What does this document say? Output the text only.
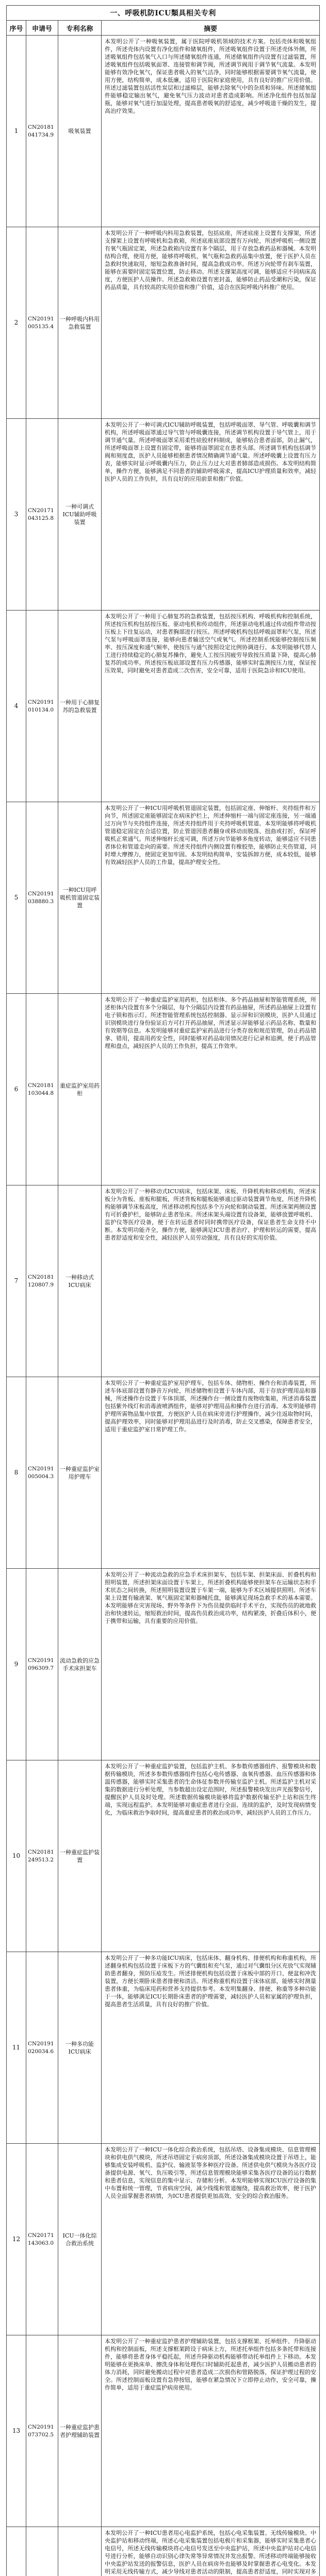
一、呼吸机防ICU類具相关专利
序号	申请号	专利名称	摘要
1	CN20181041734.9	吸氧装置	本发明公开了一种吸氧装置，属于医院呼吸机领域的技术方案。包括壳体和吸氧组件，所述壳体内设置有净化组件和储氧组件，所述吸氧组件设置于所述壳体外侧，所述吸氧组件包括氧气入口与所述储氧组件连通，所述储氧组件内设置有过滤装置，所述吸氧组件包括吸氧面罩、连接管和调节阀，所述调节阀用于调节氧气流量。本发明能够有效净化氧气，保证患者吸入的氧气洁净，同时能够根据需要调节氧气流量，使用方便，结构简单，成本低廉，适用于医院和家庭使用，具有良好的推广应用价值。所述过滤装置包括活性炭层和过滤棉层，能够去除氧气中的杂质和异味。所述储氧组件能够稳定输出氧气，避免氧气压力波动对患者造成影响。所述净化组件包括加湿瓶，能够对氧气进行加湿处理，提高患者吸氧的舒适度，减少呼吸道干燥的发生，提高治疗效果。
2	CN20191005135.4	一种呼吸内科用急救装置	本发明公开了一种呼吸内科用急救装置，包括底座，所述底座上设置有支撑架，所述支撑架上设置有呼吸机和急救箱，所述底座底部设置有万向轮，所述呼吸机一侧设置有氧气瓶固定架，所述急救箱内设置有多个隔层，用于存放急救药品和器械。本发明结构合理，使用方便，能够将呼吸机、氧气瓶和急救药品集中放置，便于医护人员在急救时快速取用，缩短急救准备时间，提高急救成功率。所述万向轮带有刹车装置，能够在需要时固定装置位置，防止移动。所述支撑架高度可调，能够适应不同病床高度，方便医护人员操作。所述急救箱设置有密封盖，能够防止药品受潮和污染，保证药品质量，具有较高的实用价值和推广价值，适合在医院呼吸内科推广使用。
3	CN20171043125.8	一种可调式ICU辅助呼吸装置	本发明公开了一种可调式ICU辅助呼吸装置，包括呼吸面罩、导气管、呼吸囊和调节机构，所述呼吸面罩通过导气管与呼吸囊连接，所述调节机构设置于导气管上，用于调节通气量。所述呼吸面罩采用柔性硅胶材料制成，能够贴合患者面部，防止漏气，所述呼吸面罩上设置有固定带，能够将面罩固定在患者头部。所述调节机构包括调节阀和刻度盘，医护人员能够根据患者情况精确调节通气量。所述呼吸囊上设置有压力表，能够实时显示呼吸囊内压力，防止压力过大对患者肺部造成损伤。本发明结构简单，操作方便，能够满足不同患者的辅助呼吸需求，提高ICU护理质量和效率，减轻医护人员的工作负担，具有良好的应用前景和推广价值。
4	CN20191010134.0	一种用于心肺复苏的急救装置	本发明公开了一种用于心肺复苏的急救装置，包括按压机构、呼吸机构和控制系统，所述按压机构包括按压板、驱动电机和传动组件，所述驱动电机通过传动组件带动按压板上下往复运动，对患者胸部进行按压。所述呼吸机构包括呼吸面罩和气泵，所述气泵与呼吸面罩连接，能够向患者输送空气或氧气。所述控制系统能够控制按压频率、按压深度和通气频率，使按压与通气按照设定比例协调进行。本发明能够代替人工进行持续稳定的心肺复苏操作，避免人工按压因疲劳导致按压质量下降，提高心肺复苏的成功率。所述按压板底部设置有压力传感器，能够实时监测按压力度，保证按压效果，同时避免对患者造成二次伤害，安全可靠，适用于医院急诊和ICU使用。
5	CN20191038880.3	一种ICU用呼吸机管道固定装置	本发明公开了一种ICU用呼吸机管道固定装置，包括固定座、伸缩杆、夹持组件和万向节，所述固定座能够固定在病床护栏上，所述伸缩杆一端与固定座连接，另一端通过万向节与夹持组件连接，所述夹持组件用于夹持呼吸机管道。本发明能够将呼吸机管道稳定固定在合适位置，防止管道因患者翻身或移动而脱落、扭曲或打折，保证呼吸机正常通气。所述伸缩杆长度可调，所述万向节能够多角度转动，能够适应不同患者体位和管道走向的需要。所述夹持组件内侧设置有橡胶垫，能够防止夹伤管道，同时增大摩擦力，使固定更加牢固。本发明结构简单，安装拆卸方便，成本较低，能够有效减轻医护人员的工作量，提高护理安全性。
6	CN20181103044.8	重症监护室用药柜	本发明公开了一种重症监护室用药柜，包括柜体、多个药品抽屉和智能管理系统，所述柜体内设置有多个分隔层，每个分隔层内设置有药品抽屉，所述药品抽屉上设置有电子锁和指示灯。所述智能管理系统包括控制器、显示屏和识别模块，医护人员通过识别模块进行身份验证后方可打开药品抽屉，所述显示屏能够显示药品名称、数量和有效期等信息。本发明能够对重症监护室药品进行分类存放和规范管理，防止药品错拿、错用，提高用药安全性，同时能够对药品取用情况进行记录和追溯，便于药品管理和盘点，减轻医护人员的工作负担，提高工作效率。
7	CN20181120807.9	一种移动式ICU病床	本发明公开了一种移动式ICU病床，包括床架、床板、升降机构和移动机构，所述床板分为背板、座板和腿板，所述背板和腿板能够通过驱动装置调节角度，所述升降机构能够调节床板高度，所述移动机构包括多个万向轮和制动装置。所述床架两侧设置有可折叠护栏，能够防止患者坠床。所述床架头端设置有设备架，能够放置呼吸机、监护仪等医疗设备，便于在转运患者时同时携带医疗设备，保证患者生命支持不中断。本发明功能齐全，操作方便，能够满足ICU患者治疗、护理和转运的需要，提高患者舒适度和安全性，减轻医护人员劳动强度，具有良好的实用价值。
8	CN20191005004.3	一种重症监护室用护理车	本发明公开了一种重症监护室用护理车，包括车体、储物柜、操作台和消毒装置，所述车体底部设置有静音万向轮，所述储物柜设置于车体内部，用于存放护理用品和器械，所述操作台设置于车体顶部，所述操作台一侧设置有废物收集箱，所述消毒装置包括紫外线灯和消毒液喷洒组件，能够对护理用品和操作台进行消毒。本发明能够将护理所需物品集中放置，方便医护人员在病床旁进行护理操作，减少往返取物时间，提高护理效率，同时能够对护理用品进行及时消毒，防止交叉感染，保障患者安全，适用于重症监护室日常护理工作。
9	CN20191096309.7	流动急救的应急手术床担架车	本发明公开了一种流动急救的应急手术床担架车，包括车架、担架床面、折叠机构和照明装置，所述担架床面设置于车架上，所述折叠机构能够使担架车在运输状态和手术状态之间转换，所述照明装置设置于车架一端，能够为手术区域提供照明。所述车架上设置有输液架、氧气瓶固定架和器械托盘，能够满足现场急救手术的基本需要。本发明能够在灾害现场、野外等条件下为伤员提供临时手术平台，实现伤员的就地救治和快速转运，缩短救治时间，提高伤员救治成功率，结构紧凑，折叠后体积小，便于携带和运输，具有重要的应用价值。
10	CN20181249513.2	一种重症监护装置	本发明公开了一种重症监护装置，包括监护主机、多参数传感器组件、报警模块和数据传输模块，所述多参数传感器组件包括心电传感器、血氧传感器、血压传感器和体温传感器，能够实时采集患者的生命体征参数并传输至监护主机。所述监护主机对采集的数据进行分析处理，当参数超出设定范围时，所述报警模块发出声光报警信号，提醒医护人员及时处理。所述数据传输模块能够将监护数据传输至护士站和医生终端，实现远程监护。本发明能够对重症患者进行全面、连续的监护，及时发现病情变化，为临床救治争取时间，提高重症患者的救治成功率，减轻医护人员的工作压力。
11	CN20191020034.6	一种多功能ICU病床	本发明公开了一种多功能ICU病床，包括床体、翻身机构、排便机构和称重机构，所述翻身机构包括设置于床板下方的气囊组和充气泵，通过对气囊组分区充放气实现辅助患者翻身，预防压疮发生。所述排便机构包括设置于床板中部的开口、便盆和冲洗装置，方便长期卧床患者排便和清洁。所述称重机构设置于床体底部，能够实时测量患者体重，为临床用药和营养支持提供参考。本发明集翻身、排便、称重等多种功能于一体，能够满足ICU长期卧床患者的护理需要，减轻医护人员和家属的护理负担，提高患者生活质量，具有良好的推广价值。
12	CN20171143063.0	ICU一体化综合救治系统	本发明公开了一种ICU一体化综合救治系统，包括吊塔、设备集成模块、信息管理模块和供电供气模块，所述吊塔固定于病房顶部，所述设备集成模块设置于吊塔上，能够集成安装呼吸机、监护仪、输液泵等多种医疗设备。所述供电供气模块为各医疗设备提供电源、氧气、负压吸引等，所述信息管理模块能够采集各医疗设备的运行数据和患者信息，实现信息的集中显示、存储和分析。本发明能够实现ICU医疗设备的集中布置和统一管理，节省病房空间，减少线缆和管道缠绕，提高救治效率，便于医护人员全面掌握患者病情，为ICU患者提供更加高效、安全的综合救治服务。
13	CN20191073702.5	一种重症监护患者护理辅助装置	本发明公开了一种重症监护患者护理辅助装置，包括支撑框架、托举组件、升降驱动机构和控制面板，所述支撑框架跨设于病床上方，所述托举组件包括多条托带和连接件，能够将患者身体平稳托起，所述升降驱动机构能够带动托举组件上下移动。本发明能够在更换床单、擦洗身体和处理伤口时辅助托起患者，减少医护人员搬动患者的体力消耗，同时避免搬动过程中对患者造成二次损伤和管路脱落，保证护理过程的安全。所述控制面板设置有急停按钮，能够在紧急情况下立即停止动作，安全可靠，操作简单，适用于重症监护病房使用。
			本发明公开了一种ICU患者用心电监护系统，包括心电采集装置、无线传输模块、中央监护站和移动终端，所述心电采集装置包括电极片和采集器，能够实时采集患者心电信号，所述无线传输模块将心电信号发送至中央监护站，所述中央监护站对心电信号进行分析，能够自动识别心律失常等异常情况并发出报警。所述移动终端能够接收中央监护站发送的报警信息，医护人员在病房外也能够及时掌握患者心电变化。本发明采用无线传输方式，减少导线对患者活动的限制，提高患者舒适度，同时实现对多
